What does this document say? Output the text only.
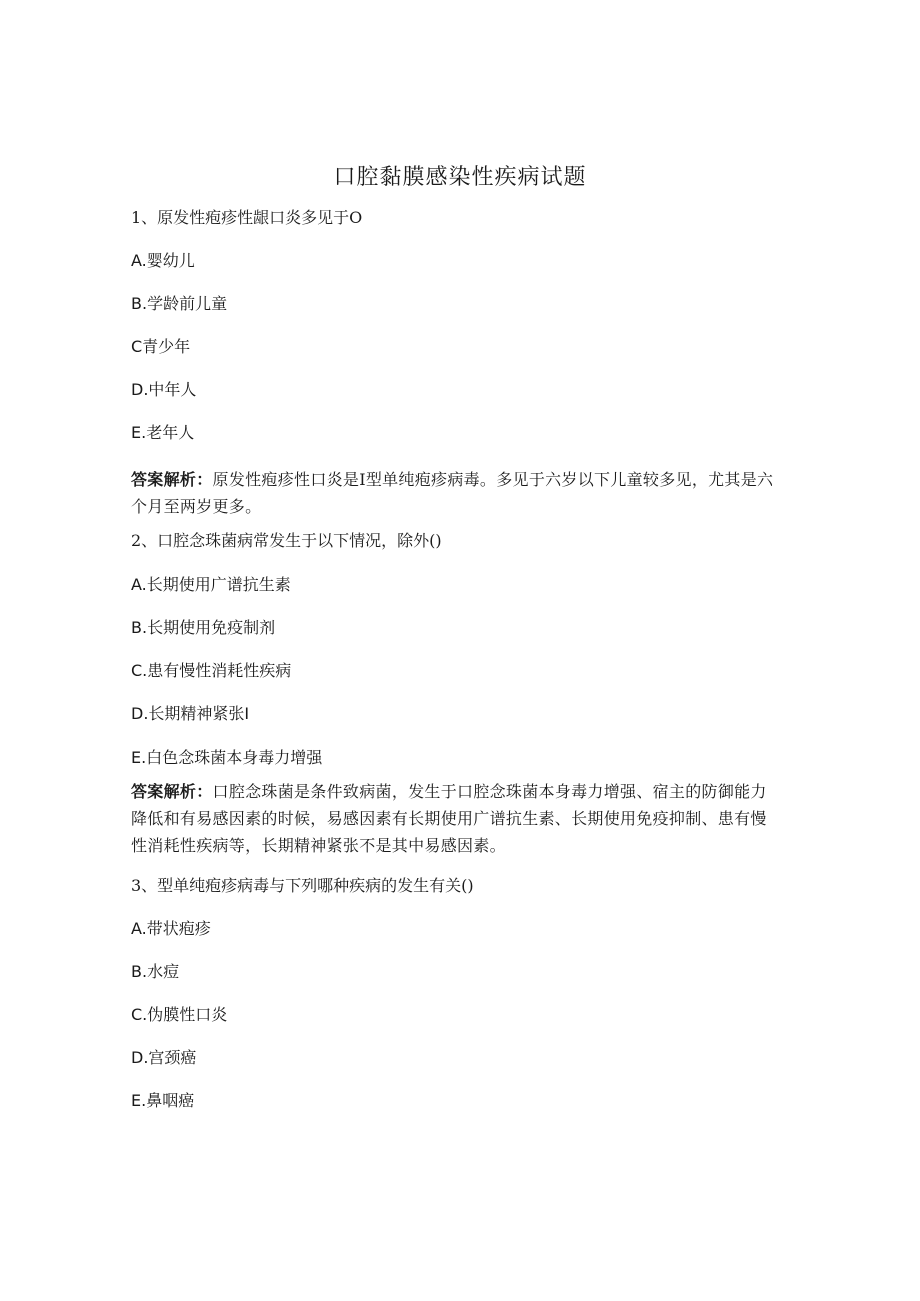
口腔黏膜感染性疾病试题
1、原发性疱疹性龈口炎多见于O
A.婴幼儿
B.学龄前儿童
C青少年
D.中年人
E.老年人
答案解析：原发性疱疹性口炎是I型单纯疱疹病毒。多见于六岁以下儿童较多见，尤其是六个月至两岁更多。
2、口腔念珠菌病常发生于以下情况，除外()
A.长期使用广谱抗生素
B.长期使用免疫制剂
C.患有慢性消耗性疾病
D.长期精神紧张I
E.白色念珠菌本身毒力增强
答案解析：口腔念珠菌是条件致病菌，发生于口腔念珠菌本身毒力增强、宿主的防御能力降低和有易感因素的时候，易感因素有长期使用广谱抗生素、长期使用免疫抑制、患有慢性消耗性疾病等，长期精神紧张不是其中易感因素。
3、型单纯疱疹病毒与下列哪种疾病的发生有关()
A.带状疱疹
B.水痘
C.伪膜性口炎
D.宫颈癌
E.鼻咽癌
